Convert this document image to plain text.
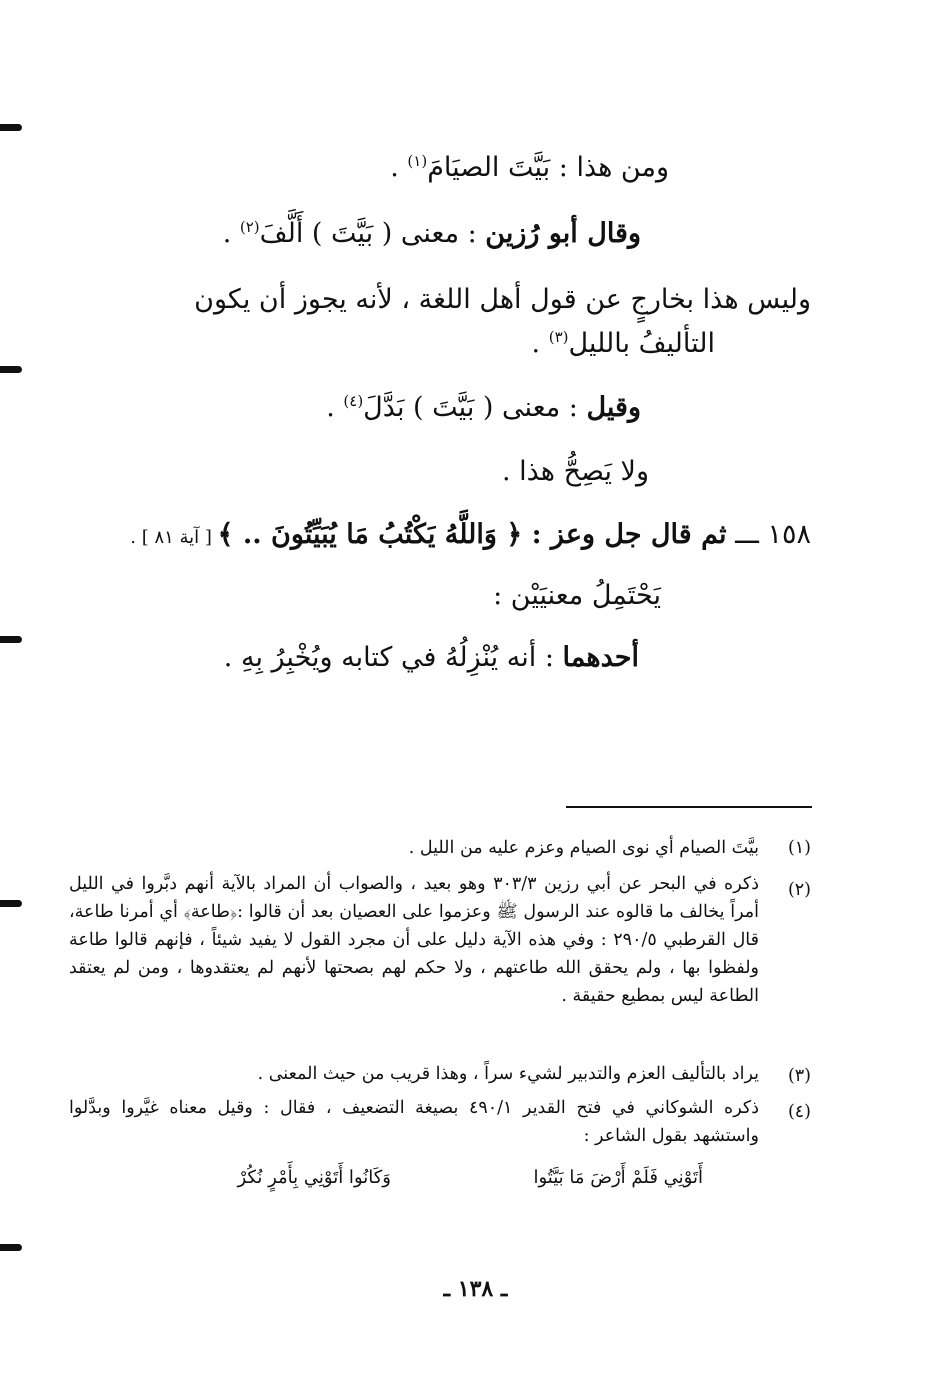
ومن هذا : بَيَّتَ الصيَامَ$^{(١)}$ .
وقال أبو رُزين : معنى ( بَيَّتَ ) أَلَّفَ$^{(٢)}$ .
وليس هذا بخارجٍ عن قول أهل اللغة ، لأنه يجوز أن يكون
التأليفُ بالليل$^{(٣)}$ .
وقيل : معنى ( بَيَّتَ ) بَدَّلَ$^{(٤)}$ .
ولا يَصِحُّ هذا .
١٥٨ ـــ ثم قال جل وعز : ﴿ وَاللَّهُ يَكْتُبُ مَا يُبَيِّتُونَ .. ﴾ [ آية ٨١ ] .
يَحْتَمِلُ معنيَيْن :
أحدهما : أنه يُنْزِلُهُ في كتابه ويُخْبِرُ بِهِ .
(١)
بيَّتَ الصيام أي نوى الصيام وعزم عليه من الليل .
(٢)
ذكره في البحر عن أبي رزين ٣٠٣/٣ وهو بعيد ، والصواب أن المراد بالآية أنهم دبَّروا في الليل أمراً يخالف ما قالوه عند الرسول ﷺ وعزموا على العصيان بعد أن قالوا :﴿طاعة﴾ أي أمرنا طاعة، قال القرطبي ٢٩٠/٥ : وفي هذه الآية دليل على أن مجرد القول لا يفيد شيئاً ، فإنهم قالوا طاعة ولفظوا بها ، ولم يحقق الله طاعتهم ، ولا حكم لهم بصحتها لأنهم لم يعتقدوها ، ومن لم يعتقد الطاعة ليس بمطيع حقيقة .
(٣)
يراد بالتأليف العزم والتدبير لشيء سراً ، وهذا قريب من حيث المعنى .
(٤)
ذكره الشوكاني في فتح القدير ٤٩٠/١ بصيغة التضعيف ، فقال : وقيل معناه غيَّروا وبدَّلوا واستشهد بقول الشاعر :
أَتَوْنِي فَلَمْ أَرْضَ مَا بَيَّتُوا
وَكَانُوا أَتَوْنِي بِأَمْرٍ نُكُرْ
ـ ١٣٨ ـ
